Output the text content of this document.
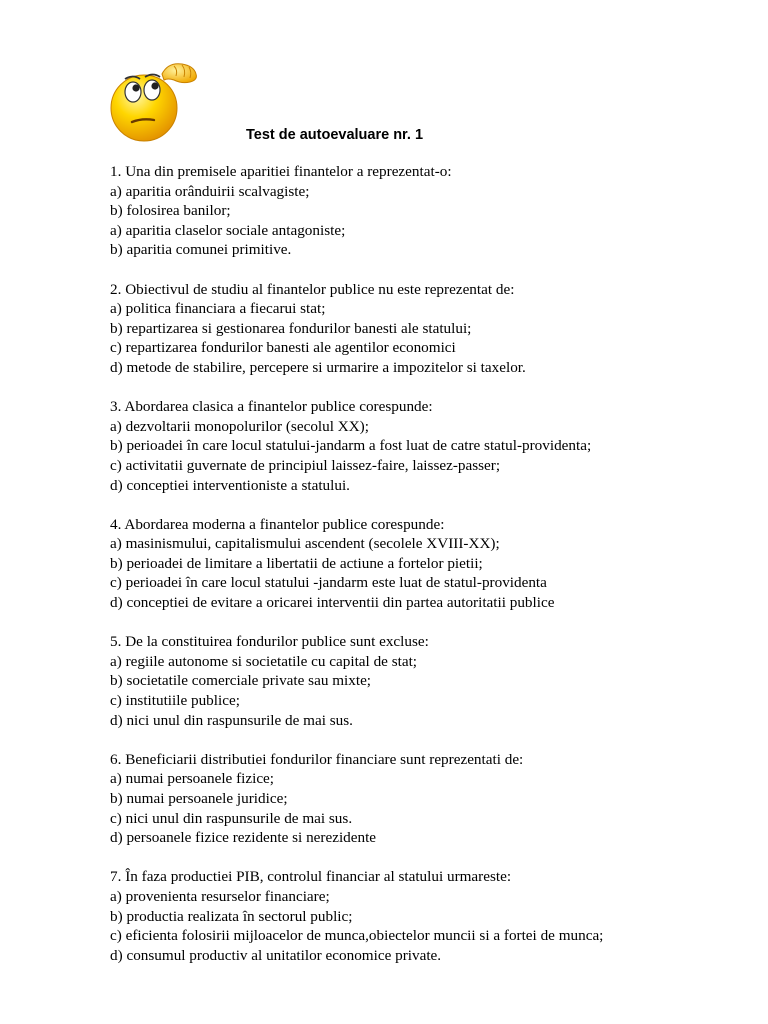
Test de autoevaluare nr. 1
1. Una din premisele aparitiei finantelor a reprezentat-o:
a) aparitia orânduirii scalvagiste;
b) folosirea banilor;
a) aparitia claselor sociale antagoniste;
b) aparitia comunei primitive.
2. Obiectivul de studiu al finantelor publice nu este reprezentat de:
a) politica financiara a fiecarui stat;
b) repartizarea si gestionarea fondurilor banesti ale statului;
c) repartizarea fondurilor banesti ale agentilor economici
d) metode de stabilire, percepere si urmarire a impozitelor si taxelor.
3. Abordarea clasica a finantelor publice corespunde:
a) dezvoltarii monopolurilor (secolul XX);
b) perioadei în care locul statului-jandarm a fost luat de catre statul-providenta;
c) activitatii guvernate de principiul laissez-faire, laissez-passer;
d) conceptiei interventioniste a statului.
4. Abordarea moderna a finantelor publice corespunde:
a) masinismului, capitalismului ascendent (secolele XVIII-XX);
b) perioadei de limitare a libertatii de actiune a fortelor pietii;
c) perioadei în care locul statului -jandarm este luat de statul-providenta
d) conceptiei de evitare a oricarei interventii din partea autoritatii publice
5. De la constituirea fondurilor publice sunt excluse:
a) regiile autonome si societatile cu capital de stat;
b) societatile comerciale private sau mixte;
c) institutiile publice;
d) nici unul din raspunsurile de mai sus.
6. Beneficiarii distributiei fondurilor financiare sunt reprezentati de:
a) numai persoanele fizice;
b) numai persoanele juridice;
c) nici unul din raspunsurile de mai sus.
d) persoanele fizice rezidente si nerezidente
7. În faza productiei PIB, controlul financiar al statului urmareste:
a) provenienta resurselor financiare;
b) productia realizata în sectorul public;
c) eficienta folosirii mijloacelor de munca,obiectelor muncii si a fortei de munca;
d) consumul productiv al unitatilor economice private.
